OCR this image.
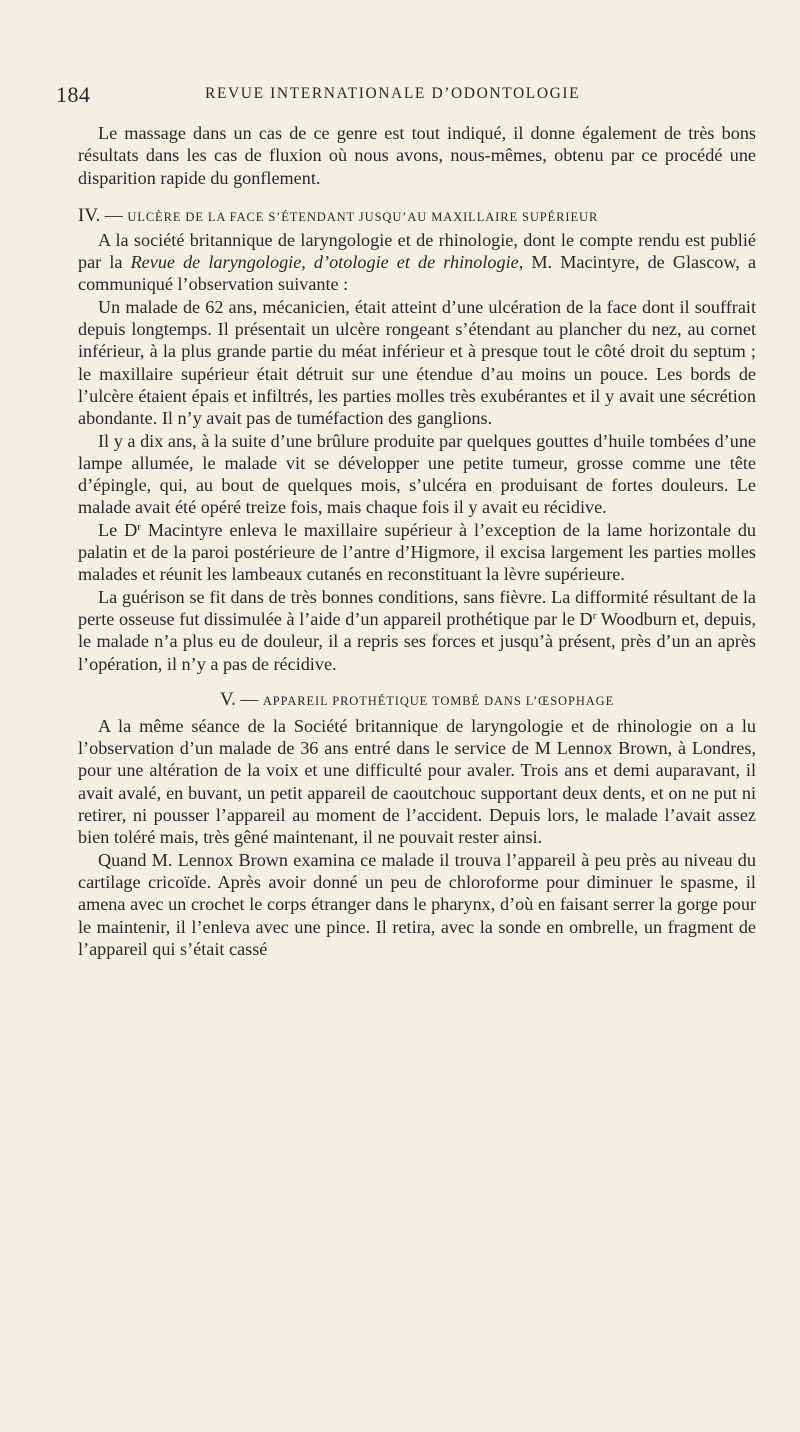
184	REVUE INTERNATIONALE D’ODONTOLOGIE

Le massage dans un cas de ce genre est tout indiqué, il donne également de très bons résultats dans les cas de fluxion où nous avons, nous-mêmes, obtenu par ce procédé une disparition rapide du gonflement.

IV. — ULCÈRE DE LA FACE S’ÉTENDANT JUSQU’AU MAXILLAIRE SUPÉRIEUR

A la société britannique de laryngologie et de rhinologie, dont le compte rendu est publié par la Revue de laryngologie, d’otologie et de rhinologie, M. Macintyre, de Glascow, a communiqué l’observation suivante :

Un malade de 62 ans, mécanicien, était atteint d’une ulcération de la face dont il souffrait depuis longtemps. Il présentait un ulcère rongeant s’étendant au plancher du nez, au cornet inférieur, à la plus grande partie du méat inférieur et à presque tout le côté droit du septum ; le maxillaire supérieur était détruit sur une étendue d’au moins un pouce. Les bords de l’ulcère étaient épais et infiltrés, les parties molles très exubérantes et il y avait une sécrétion abondante. Il n’y avait pas de tuméfaction des ganglions.

Il y a dix ans, à la suite d’une brûlure produite par quelques gouttes d’huile tombées d’une lampe allumée, le malade vit se développer une petite tumeur, grosse comme une tête d’épingle, qui, au bout de quelques mois, s’ulcéra en produisant de fortes douleurs. Le malade avait été opéré treize fois, mais chaque fois il y avait eu récidive.

Le $D^r$ Macintyre enleva le maxillaire supérieur à l’exception de la lame horizontale du palatin et de la paroi postérieure de l’antre d’Higmore, il excisa largement les parties molles malades et réunit les lambeaux cutanés en reconstituant la lèvre supérieure.

La guérison se fit dans de très bonnes conditions, sans fièvre. La difformité résultant de la perte osseuse fut dissimulée à l’aide d’un appareil prothétique par le $D^r$ Woodburn et, depuis, le malade n’a plus eu de douleur, il a repris ses forces et jusqu’à présent, près d’un an après l’opération, il n’y a pas de récidive.

V. — APPAREIL PROTHÉTIQUE TOMBÉ DANS L’ŒSOPHAGE

A la même séance de la Société britannique de laryngologie et de rhinologie on a lu l’observation d’un malade de 36 ans entré dans le service de M Lennox Brown, à Londres, pour une altération de la voix et une difficulté pour avaler. Trois ans et demi auparavant, il avait avalé, en buvant, un petit appareil de caoutchouc supportant deux dents, et on ne put ni retirer, ni pousser l’appareil au moment de l’accident. Depuis lors, le malade l’avait assez bien toléré mais, très gêné maintenant, il ne pouvait rester ainsi.

Quand M. Lennox Brown examina ce malade il trouva l’appareil à peu près au niveau du cartilage cricoïde. Après avoir donné un peu de chloroforme pour diminuer le spasme, il amena avec un crochet le corps étranger dans le pharynx, d’où en faisant serrer la gorge pour le maintenir, il l’enleva avec une pince. Il retira, avec la sonde en ombrelle, un fragment de l’appareil qui s’était cassé
